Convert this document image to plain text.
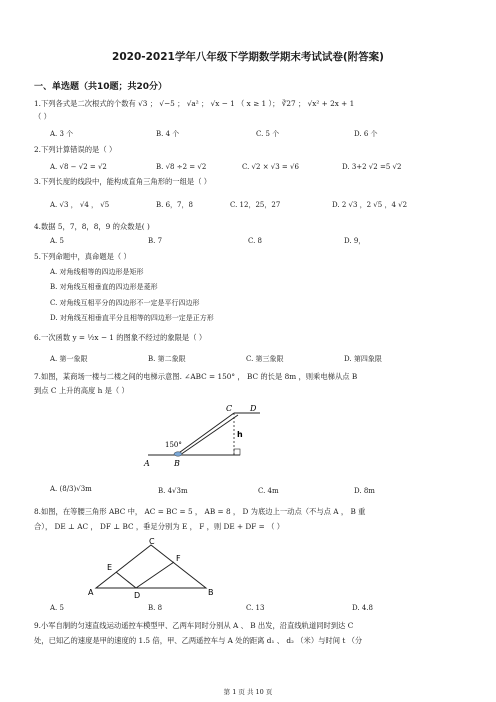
2020-2021学年八年级下学期数学期末考试试卷(附答案)
一、单选题（共10题；共20分）
1.下列各式是二次根式的个数有 √3 ； √−5 ； √a² ； √x − 1 （ x ≥ 1 ）； ∛27 ； √x² + 2x + 1
（ ）
A. 3 个	B. 4 个	C. 5 个	D. 6 个
2.下列计算错误的是（ ）
A. √8 − √2 = √2	B. √8 ÷2 = √2	C. √2 × √3 = √6	D. 3+2 √2 =5 √2
3.下列长度的线段中，能构成直角三角形的一组是（ ）
A. √3 ， √4 ， √5	B. 6，7，8	C. 12，25，27	D. 2 √3 ，2 √5 ，4 √2
4.数据 5，7，8，8，9 的众数是( )
A. 5	B. 7	C. 8	D. 9，
5.下列命题中，真命题是（ ）
A. 对角线相等的四边形是矩形
B. 对角线互相垂直的四边形是菱形
C. 对角线互相平分的四边形不一定是平行四边形
D. 对角线互相垂直平分且相等的四边形一定是正方形
6.一次函数 y = ½x − 1 的图象不经过的象限是（ ）
A. 第一象限	B. 第二象限	C. 第三象限	D. 第四象限
7.如图，某商场一楼与二楼之间的电梯示意图. ∠ABC = 150° ， BC 的长是 8m ，则乘电梯从点 B
到点 C 上升的高度 h 是（ ）
C D
h
150°
A	B
A. (8/3)√3m	B. 4√3m	C. 4m	D. 8m
8.如图，在等腰三角形 ABC 中， AC = BC = 5 ， AB = 8 ， D 为底边上一动点（不与点 A ， B 重
合）， DE ⊥ AC ， DF ⊥ BC ，垂足分别为 E ， F ，则 DE + DF = （ ）
C
E
F
A	D	B
A. 5	B. 8	C. 13	D. 4.8
9.小军自制的匀速直线运动遥控车模型甲、乙两车同时分别从 A 、 B 出发，沿直线轨道同时到达 C
处，已知乙的速度是甲的速度的 1.5 倍，甲、乙两遥控车与 A 处的距离 d₁ 、 d₂ （米）与时间 t （分
第 1 页 共 10 页
